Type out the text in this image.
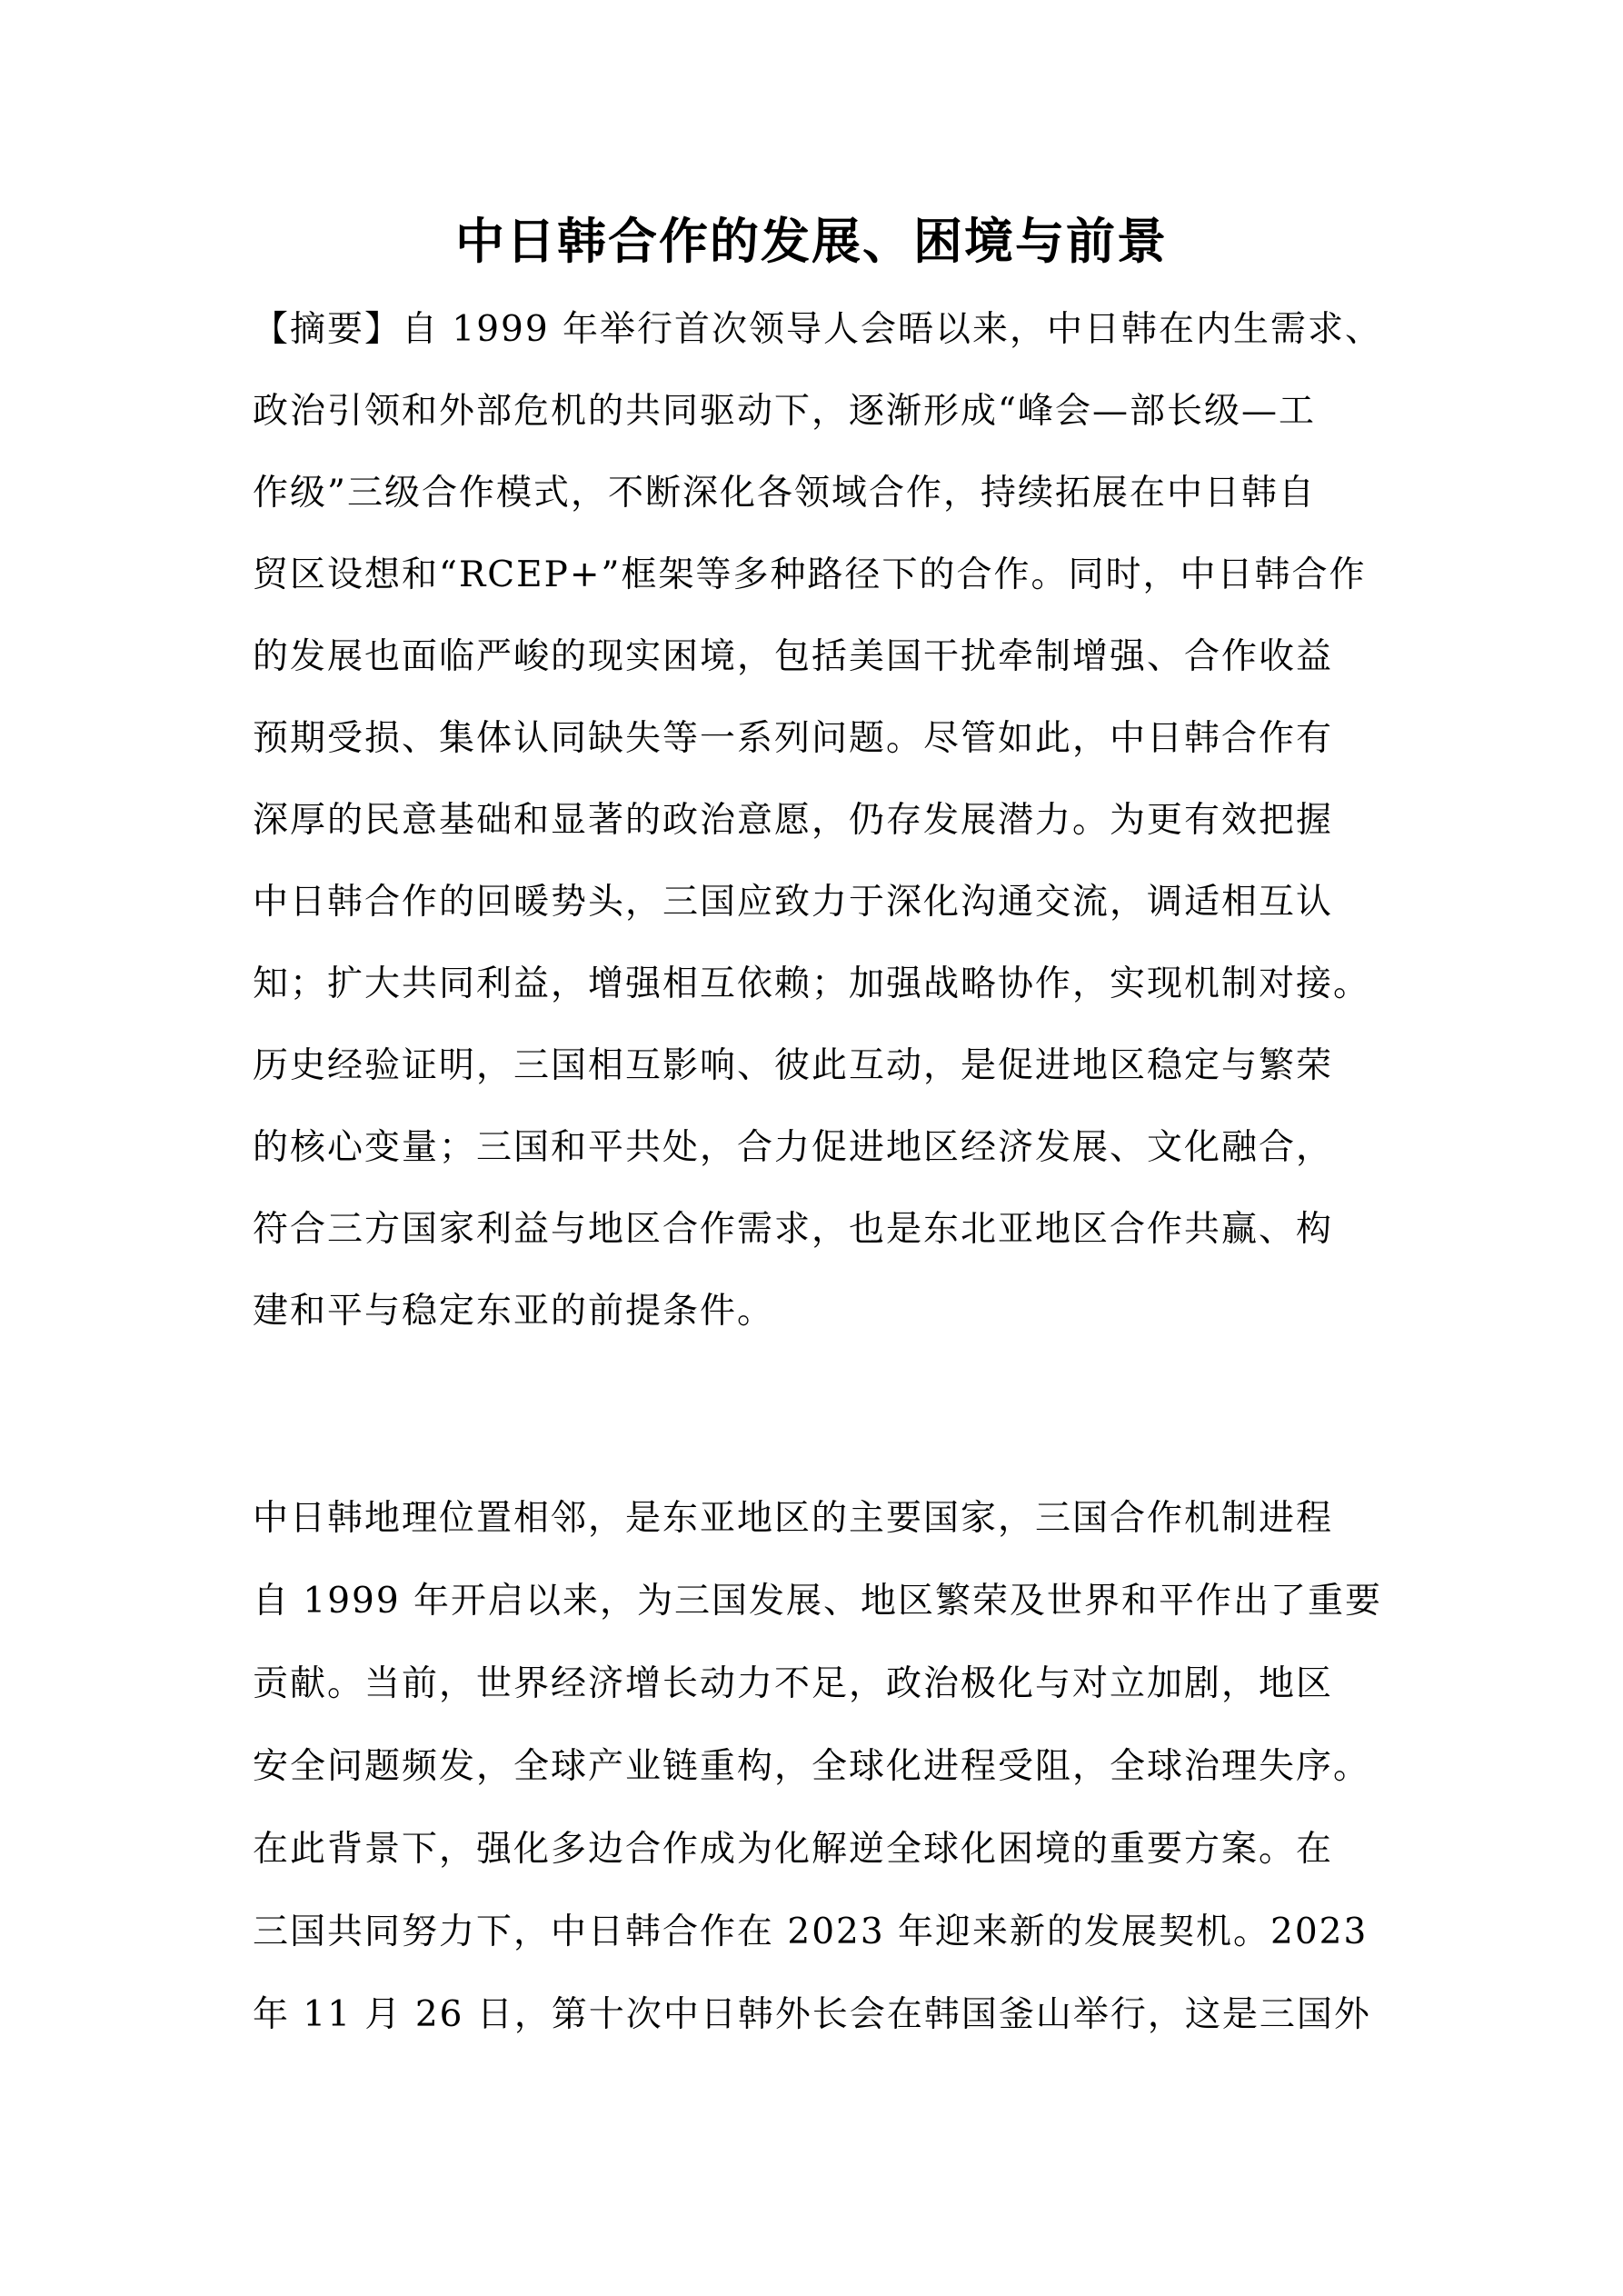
中日韩合作的发展、困境与前景

【摘要】自 1999 年举行首次领导人会晤以来，中日韩在内生需求、

政治引领和外部危机的共同驱动下，逐渐形成“峰会—部长级—工

作级”三级合作模式，不断深化各领域合作，持续拓展在中日韩自

贸区设想和“RCEP+”框架等多种路径下的合作。同时，中日韩合作

的发展也面临严峻的现实困境，包括美国干扰牵制增强、合作收益

预期受损、集体认同缺失等一系列问题。尽管如此，中日韩合作有

深厚的民意基础和显著的政治意愿，仍存发展潜力。为更有效把握

中日韩合作的回暖势头，三国应致力于深化沟通交流，调适相互认

知；扩大共同利益，增强相互依赖；加强战略协作，实现机制对接。

历史经验证明，三国相互影响、彼此互动，是促进地区稳定与繁荣

的核心变量；三国和平共处，合力促进地区经济发展、文化融合，

符合三方国家利益与地区合作需求，也是东北亚地区合作共赢、构

建和平与稳定东亚的前提条件。

中日韩地理位置相邻，是东亚地区的主要国家，三国合作机制进程

自 1999 年开启以来，为三国发展、地区繁荣及世界和平作出了重要

贡献。当前，世界经济增长动力不足，政治极化与对立加剧，地区

安全问题频发，全球产业链重构，全球化进程受阻，全球治理失序。

在此背景下，强化多边合作成为化解逆全球化困境的重要方案。在

三国共同努力下，中日韩合作在 2023 年迎来新的发展契机。2023

年 11 月 26 日，第十次中日韩外长会在韩国釜山举行，这是三国外
